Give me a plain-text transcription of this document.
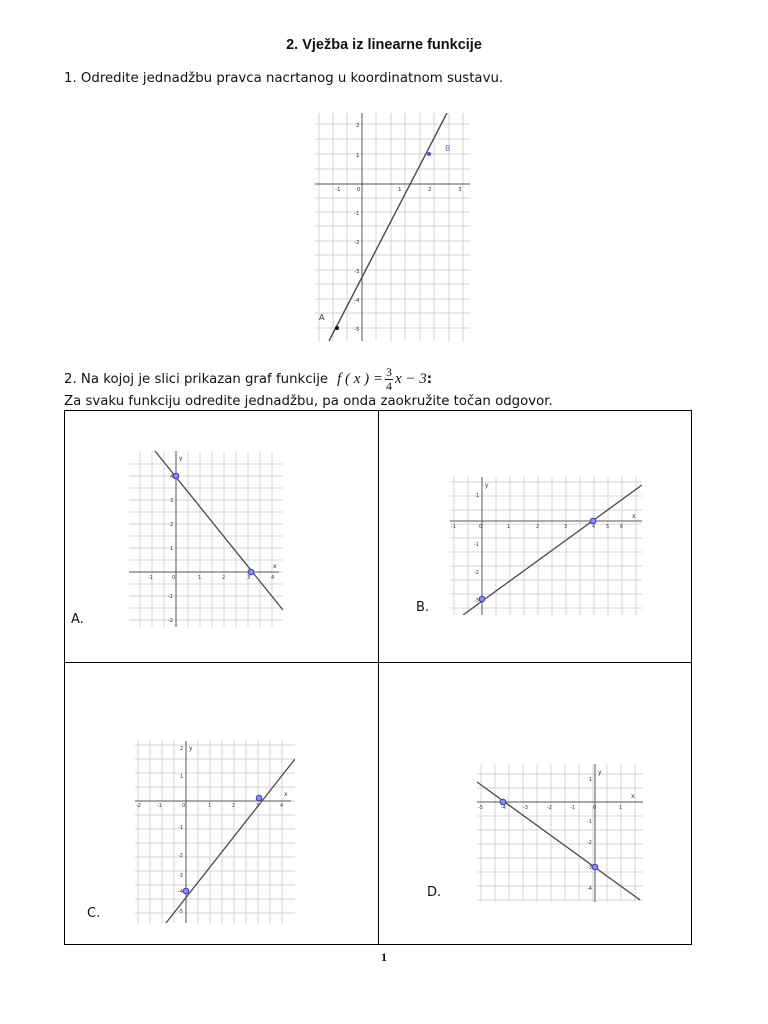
2. Vježba iz linearne funkcije
1. Odredite jednadžbu pravca nacrtanog u koordinatnom sustavu.
B
A
-1	0	1	2	3
2
1
-1
-2
-3
-4
-5
2. Na kojoj je slici prikazan graf funkcije f ( x ) = $\frac{3}{4}$ x − 3 :
Za svaku funkciju odredite jednadžbu, pa onda zaokružite točan odgovor.
y
x
-1	0	1	2	3	4
4
3
2
1
-1
-2
A.
y
x
-1	0	1	2	3	4 5 6
1
-1
-2
-3
B.
y
x
-2	-1	0	1	2	3	4
2
1
-1
-2
-3
-4
-5
C.
y
x
-5	-4	-3	-2	-1	0	1
1
-1
-2
-3
-4
D.
1
